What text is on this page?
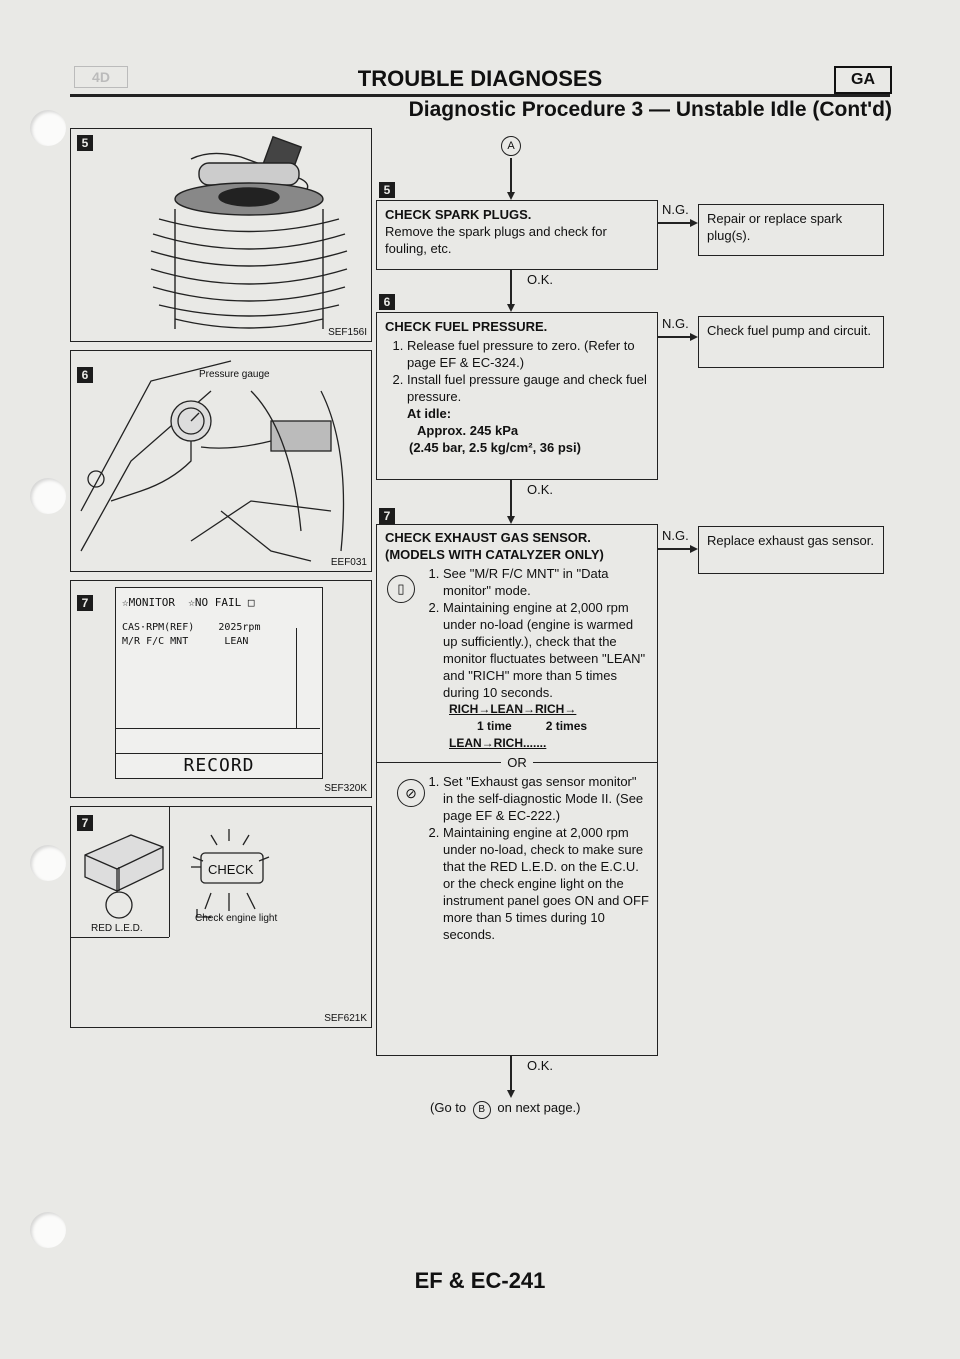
4D	TROUBLE DIAGNOSES	GA
Diagnostic Procedure 3 — Unstable Idle (Cont'd)
5
SEF156I
6	Pressure gauge
EEF031
7	☆MONITOR  ☆NO FAIL □
CAS·RPM(REF)    2025rpm
M/R F/C MNT      LEAN
RECORD
SEF320K
7
RED L.E.D.
CHECK
Check engine light
SEF621K
A
5
CHECK SPARK PLUGS.
Remove the spark plugs and check for fouling, etc.
N.G.
Repair or replace spark plug(s).
O.K.
6
CHECK FUEL PRESSURE.
1. Release fuel pressure to zero. (Refer to page EF & EC-324.)
2. Install fuel pressure gauge and check fuel pressure.
At idle:
Approx. 245 kPa
(2.45 bar, 2.5 kg/cm², 36 psi)
N.G.	Check fuel pump and circuit.
O.K.
7
CHECK EXHAUST GAS SENSOR.
(MODELS WITH CATALYZER ONLY)
▯
1. See "M/R F/C MNT" in "Data monitor" mode.
2. Maintaining engine at 2,000 rpm under no-load (engine is warmed up sufficiently.), check that the monitor fluctuates between "LEAN" and "RICH" more than 5 times during 10 seconds.
RICH→LEAN→RICH→
1 time	2 times
LEAN→RICH.......
OR
⊘
1. Set "Exhaust gas sensor monitor" in the self-diagnostic Mode II. (See page EF & EC-222.)
2. Maintaining engine at 2,000 rpm under no-load, check to make sure that the RED L.E.D. on the E.C.U. or the check engine light on the instrument panel goes ON and OFF more than 5 times during 10 seconds.
N.G.	Replace exhaust gas sensor.
O.K.
(Go to B on next page.)
EF & EC-241
